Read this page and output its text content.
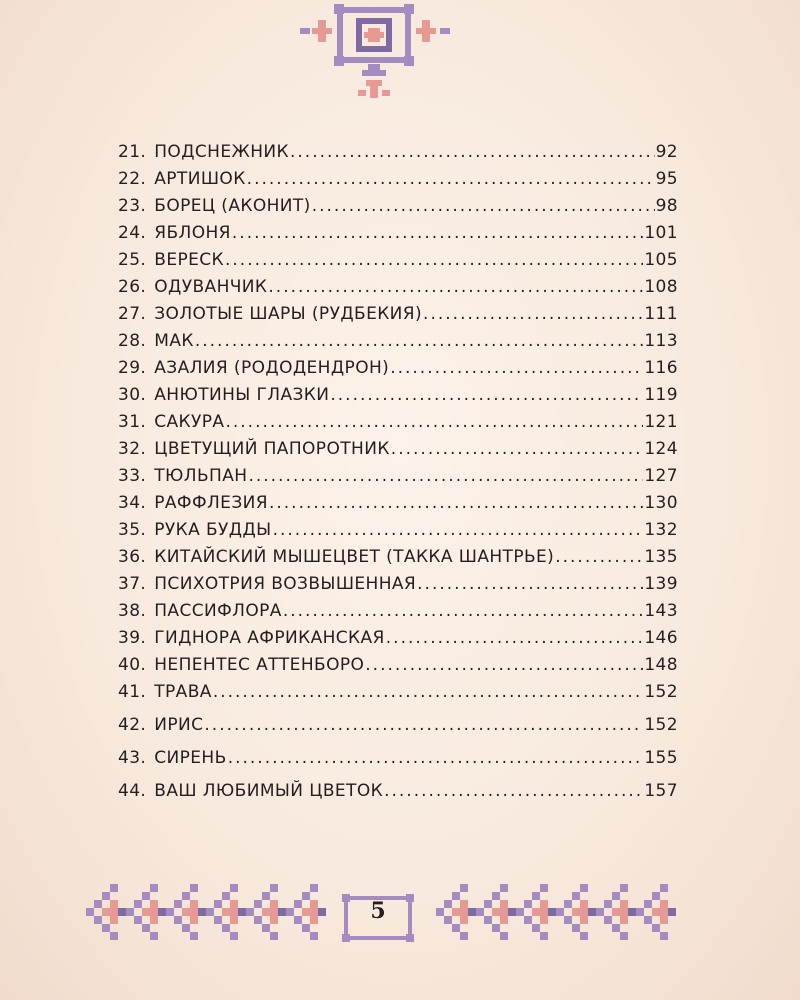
21. ПОДСНЕЖНИК .....	92
22. АРТИШОК .....	95
23. БОРЕЦ (АКОНИТ) .....	98
24. ЯБЛОНЯ .....	101
25. ВЕРЕСК .....	105
26. ОДУВАНЧИК .....	108
27. ЗОЛОТЫЕ ШАРЫ (РУДБЕКИЯ) .....	111
28. МАК .....	113
29. АЗАЛИЯ (РОДОДЕНДРОН) .....	116
30. АНЮТИНЫ ГЛАЗКИ .....	119
31. САКУРА .....	121
32. ЦВЕТУЩИЙ ПАПОРОТНИК .....	124
33. ТЮЛЬПАН .....	127
34. РАФФЛЕЗИЯ .....	130
35. РУКА БУДДЫ .....	132
36. КИТАЙСКИЙ МЫШЕЦВЕТ (ТАККА ШАНТРЬЕ) .....	135
37. ПСИХОТРИЯ ВОЗВЫШЕННАЯ .....	139
38. ПАССИФЛОРА .....	143
39. ГИДНОРА АФРИКАНСКАЯ .....	146
40. НЕПЕНТЕС АТТЕНБОРО .....	148
41. ТРАВА .....	152
42. ИРИС .....	152
43. СИРЕНЬ .....	155
44. ВАШ ЛЮБИМЫЙ ЦВЕТОК .....	157
5
